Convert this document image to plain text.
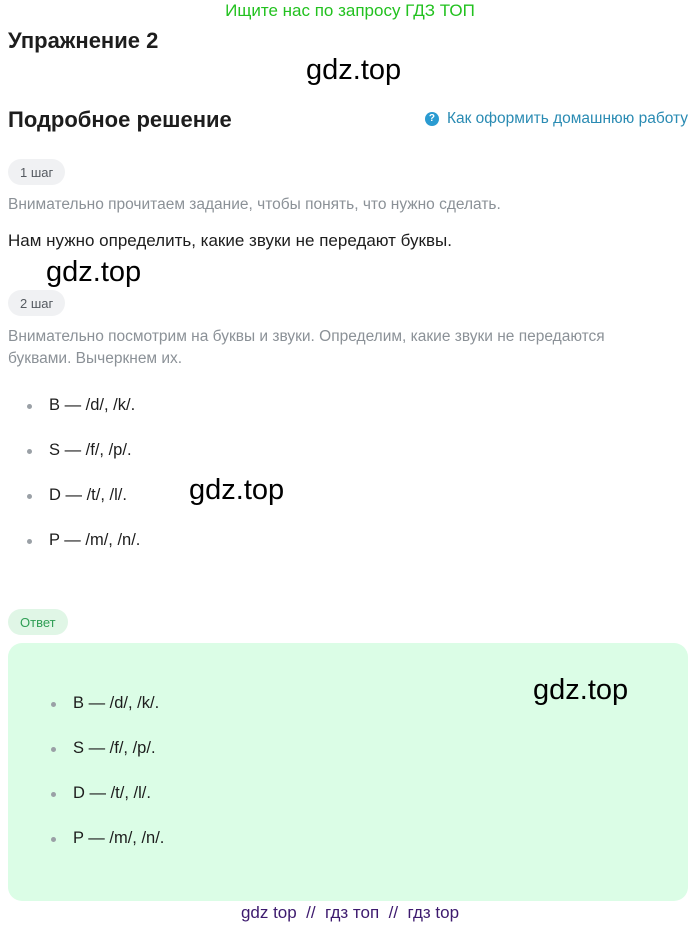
Ищите нас по запросу ГДЗ ТОП
Упражнение 2
gdz.top
Подробное решение	? Как оформить домашнюю работу
1 шаг
Внимательно прочитаем задание, чтобы понять, что нужно сделать.
Нам нужно определить, какие звуки не передают буквы.
gdz.top
2 шаг
Внимательно посмотрим на буквы и звуки. Определим, какие звуки не передаются
буквами. Вычеркнем их.
B — /d/, /k/.
S — /f/, /p/.
D — /t/, /l/.
P — /m/, /n/.
gdz.top
Ответ
B — /d/, /k/.
S — /f/, /p/.
D — /t/, /l/.
P — /m/, /n/.
gdz.top
gdz top  //  гдз топ  //  гдз top
